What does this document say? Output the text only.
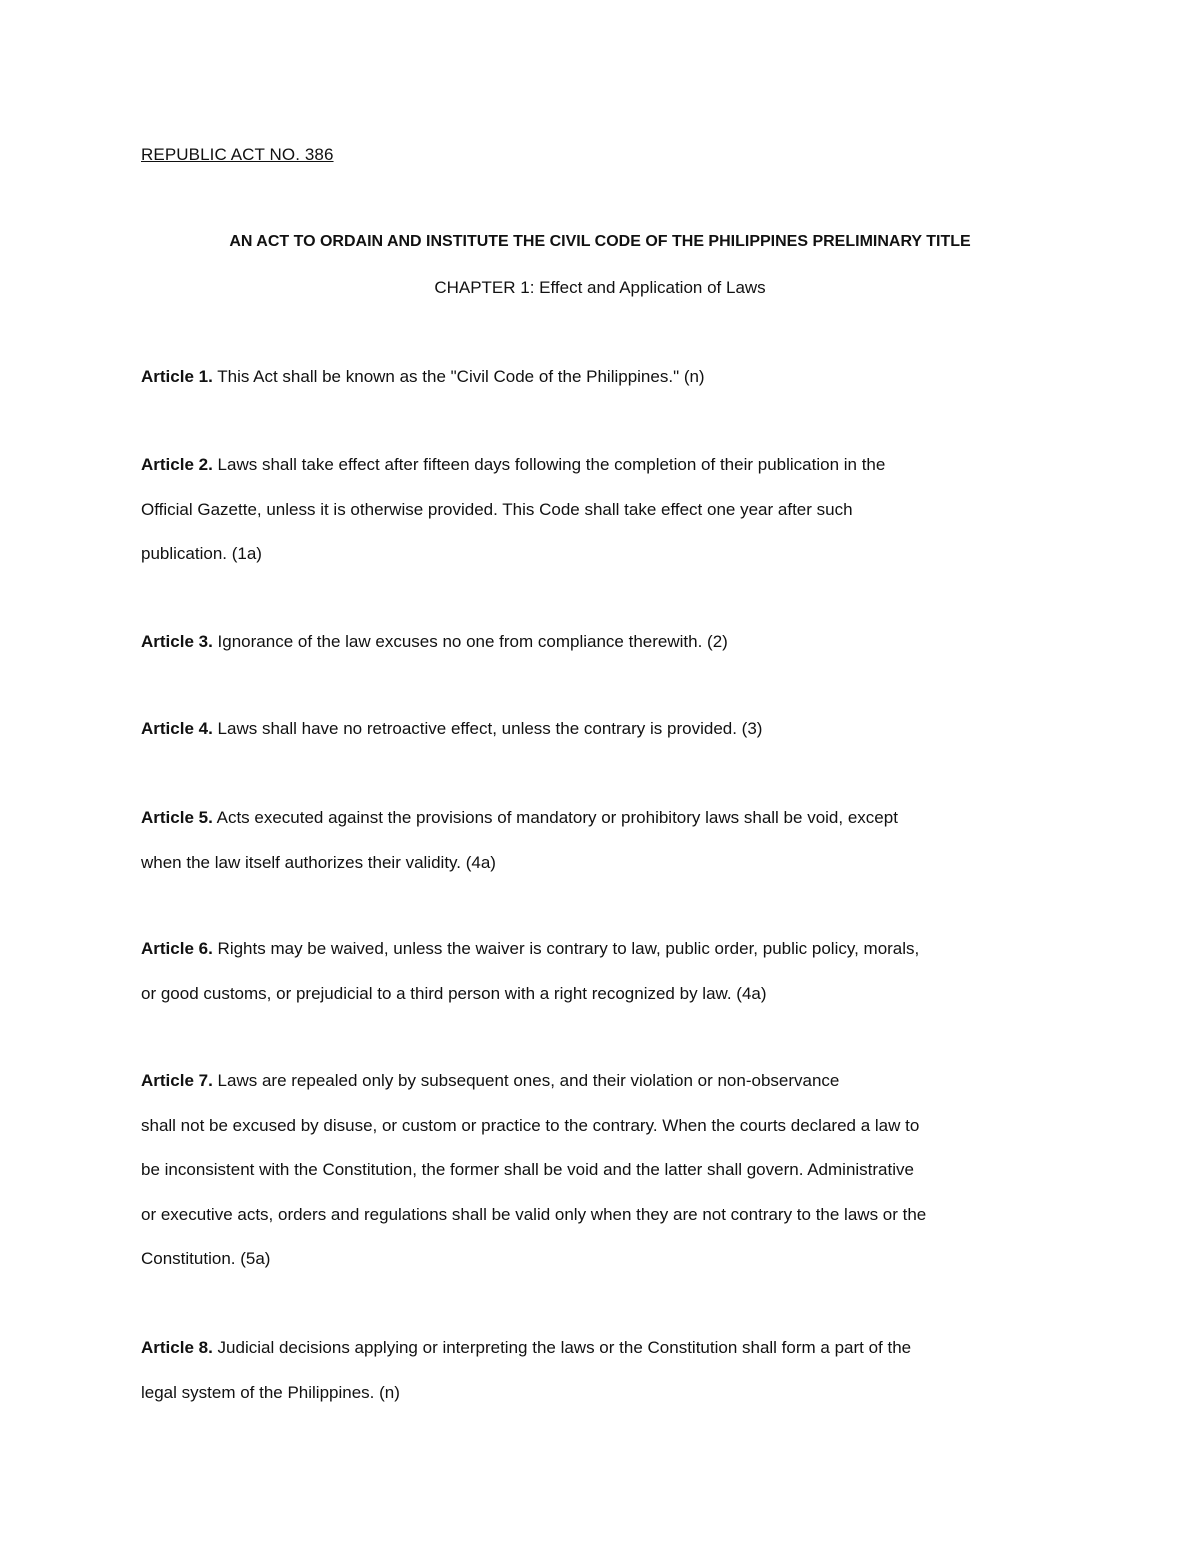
REPUBLIC ACT NO. 386
AN ACT TO ORDAIN AND INSTITUTE THE CIVIL CODE OF THE PHILIPPINES PRELIMINARY TITLE
CHAPTER 1: Effect and Application of Laws
Article 1. This Act shall be known as the "Civil Code of the Philippines." (n)
Article 2. Laws shall take effect after fifteen days following the completion of their publication in the
Official Gazette, unless it is otherwise provided. This Code shall take effect one year after such
publication. (1a)
Article 3. Ignorance of the law excuses no one from compliance therewith. (2)
Article 4. Laws shall have no retroactive effect, unless the contrary is provided. (3)
Article 5. Acts executed against the provisions of mandatory or prohibitory laws shall be void, except
when the law itself authorizes their validity. (4a)
Article 6. Rights may be waived, unless the waiver is contrary to law, public order, public policy, morals,
or good customs, or prejudicial to a third person with a right recognized by law. (4a)
Article 7. Laws are repealed only by subsequent ones, and their violation or non-observance
shall not be excused by disuse, or custom or practice to the contrary. When the courts declared a law to
be inconsistent with the Constitution, the former shall be void and the latter shall govern. Administrative
or executive acts, orders and regulations shall be valid only when they are not contrary to the laws or the
Constitution. (5a)
Article 8. Judicial decisions applying or interpreting the laws or the Constitution shall form a part of the
legal system of the Philippines. (n)
